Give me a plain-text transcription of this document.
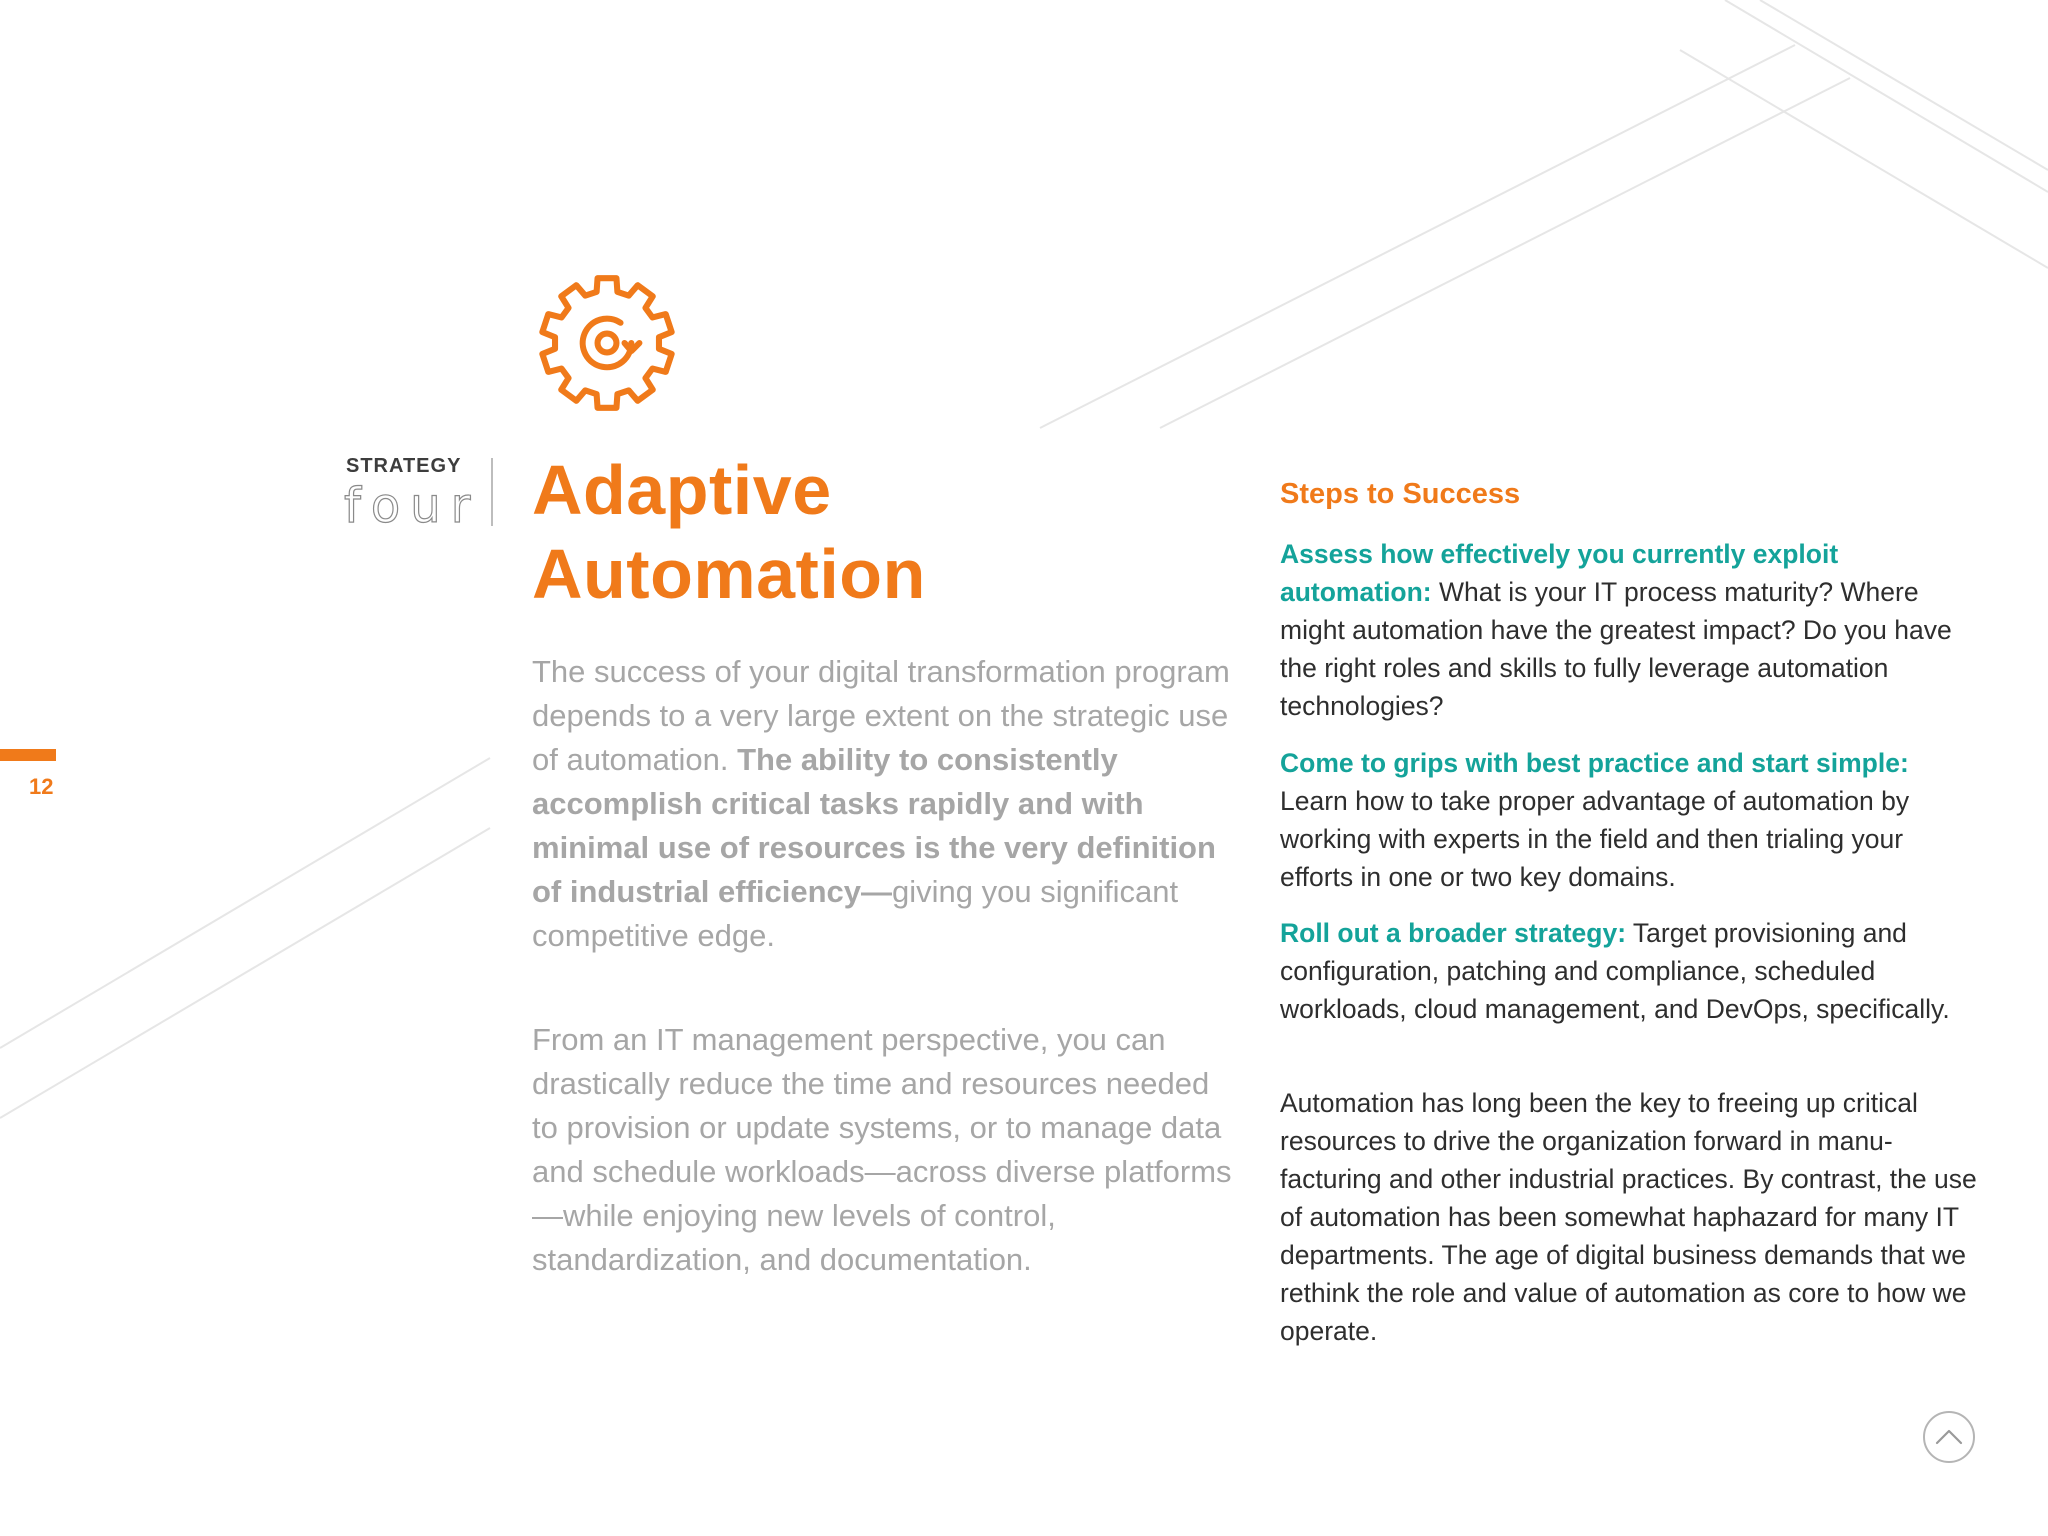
STRATEGY
four Adaptive
Automation

The success of your digital transformation program depends to a very large extent on the strategic use of automation. The ability to consistently accomplish critical tasks rapidly and with minimal use of resources is the very definition of industrial efficiency—giving you significant competitive edge.

From an IT management perspective, you can drastically reduce the time and resources needed to provision or update systems, or to manage data and schedule workloads—across diverse platforms—while enjoying new levels of control, standardization, and documentation.

Steps to Success

Assess how effectively you currently exploit automation: What is your IT process maturity? Where might automation have the greatest impact? Do you have the right roles and skills to fully leverage automation technologies?

Come to grips with best practice and start simple: Learn how to take proper advantage of automation by working with experts in the field and then trialing your efforts in one or two key domains.

Roll out a broader strategy: Target provisioning and configuration, patching and compliance, scheduled workloads, cloud management, and DevOps, specifically.

Automation has long been the key to freeing up critical resources to drive the organization forward in manu-facturing and other industrial practices. By contrast, the use of automation has been somewhat haphazard for many IT departments. The age of digital business demands that we rethink the role and value of automation as core to how we operate.

12
